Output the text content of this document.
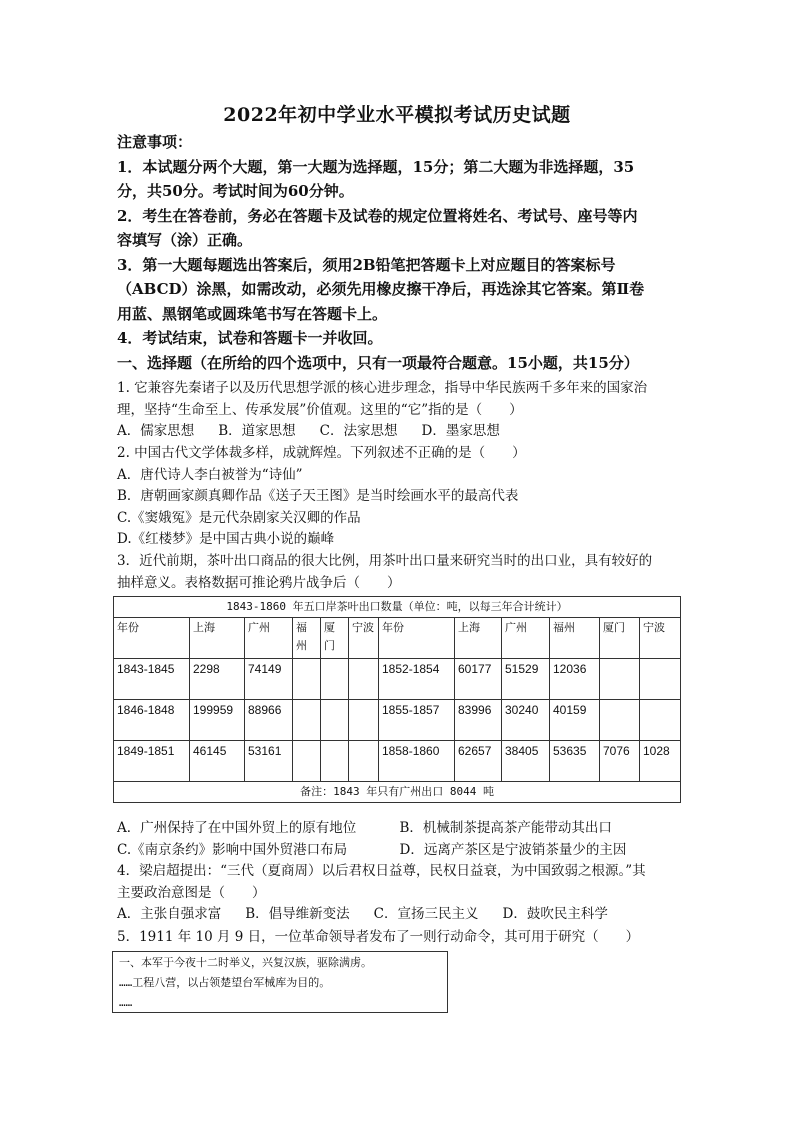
2022年初中学业水平模拟考试历史试题

注意事项：

1．本试题分两个大题，第一大题为选择题，15分；第二大题为非选择题，35

分，共50分。考试时间为60分钟。

2．考生在答卷前，务必在答题卡及试卷的规定位置将姓名、考试号、座号等内

容填写（涂）正确。

3．第一大题每题选出答案后，须用2B铅笔把答题卡上对应题目的答案标号

（ABCD）涂黑，如需改动，必须先用橡皮擦干净后，再选涂其它答案。第Ⅱ卷

用蓝、黑钢笔或圆珠笔书写在答题卡上。

4．考试结束，试卷和答题卡一并收回。

一、选择题（在所给的四个选项中，只有一项最符合题意。15小题，共15分）

1. 它兼容先秦诸子以及历代思想学派的核心进步理念，指导中华民族两千多年来的国家治

理，坚持“生命至上、传承发展”价值观。这里的“它”指的是（　　）

A．儒家思想 B．道家思想 C．法家思想 D．墨家思想

2. 中国古代文学体裁多样，成就辉煌。下列叙述不正确的是（　　）

A．唐代诗人李白被誉为“诗仙”

B．唐朝画家颜真卿作品《送子天王图》是当时绘画水平的最高代表

C.《窦娥冤》是元代杂剧家关汉卿的作品

D.《红楼梦》是中国古典小说的巅峰

3．近代前期，茶叶出口商品的很大比例，用茶叶出口量来研究当时的出口业，具有较好的

抽样意义。表格数据可推论鸦片战争后（　　）

1843-1860 年五口岸茶叶出口数量（单位：吨，以每三年合计统计）											
年份	上海	广州	福州	厦门	宁波	年份	上海	广州	福州	厦门	宁波
1843-1845	2298	74149				1852-1854	60177	51529	12036		
1846-1848	199959	88966				1855-1857	83996	30240	40159		
1849-1851	46145	53161				1858-1860	62657	38405	53635	7076	1028
备注：1843 年只有广州出口 8044 吨											
A．广州保持了在中国外贸上的原有地位	B．机械制茶提高茶产能带动其出口
C.《南京条约》影响中国外贸港口布局	D．远离产茶区是宁波销茶量少的主因

4．梁启超提出：“三代（夏商周）以后君权日益尊，民权日益衰，为中国致弱之根源。”其

主要政治意图是（　　）

A．主张自强求富 B．倡导维新变法 C．宣扬三民主义 D．鼓吹民主科学

5．1911 年 10 月 9 日，一位革命领导者发布了一则行动命令，其可用于研究（　　）

一、本军于今夜十二时举义，兴复汉族，驱除满虏。

……工程八营，以占领楚望台军械库为目的。

……
